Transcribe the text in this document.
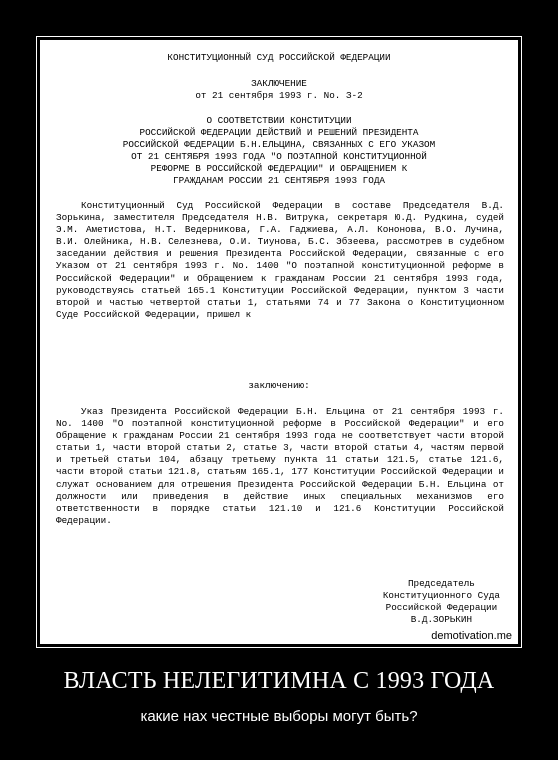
КОНСТИТУЦИОННЫЙ СУД РОССИЙСКОЙ ФЕДЕРАЦИИ
ЗАКЛЮЧЕНИЕ
от 21 сентября 1993 г. No. З-2
О СООТВЕТСТВИИ КОНСТИТУЦИИ
РОССИЙСКОЙ ФЕДЕРАЦИИ ДЕЙСТВИЙ И РЕШЕНИЙ ПРЕЗИДЕНТА
РОССИЙСКОЙ ФЕДЕРАЦИИ Б.Н.ЕЛЬЦИНА, СВЯЗАННЫХ С ЕГО УКАЗОМ
ОТ 21 СЕНТЯБРЯ 1993 ГОДА "О ПОЭТАПНОЙ КОНСТИТУЦИОННОЙ
РЕФОРМЕ В РОССИЙСКОЙ ФЕДЕРАЦИИ" И ОБРАЩЕНИЕМ К
ГРАЖДАНАМ РОССИИ 21 СЕНТЯБРЯ 1993 ГОДА
Конституционный Суд Российской Федерации в составе Председателя В.Д. Зорькина, заместителя Председателя Н.В. Витрука, секретаря Ю.Д. Рудкина, судей Э.М. Аметистова, Н.Т. Ведерникова, Г.А. Гаджиева, А.Л. Кононова, В.О. Лучина, В.И. Олейника, Н.В. Селезнева, О.И. Тиунова, Б.С. Эбзеева, рассмотрев в судебном заседании действия и решения Президента Российской Федерации, связанные с его Указом от 21 сентября 1993 г. No. 1400 "О поэтапной конституционной реформе в Российской Федерации" и Обращением к гражданам России 21 сентября 1993 года, руководствуясь статьей 165.1 Конституции Российской Федерации, пунктом 3 части второй и частью четвертой статьи 1, статьями 74 и 77 Закона о Конституционном Суде Российской Федерации, пришел к
заключению:
Указ Президента Российской Федерации Б.Н. Ельцина от 21 сентября 1993 г. No. 1400 "О поэтапной конституционной реформе в Российской Федерации" и его Обращение к гражданам России 21 сентября 1993 года не соответствует части второй статьи 1, части второй статьи 2, статье 3, части второй статьи 4, частям первой и третьей статьи 104, абзацу третьему пункта 11 статьи 121.5, статье 121.6, части второй статьи 121.8, статьям 165.1, 177 Конституции Российской Федерации и служат основанием для отрешения Президента Российской Федерации Б.Н. Ельцина от должности или приведения в действие иных специальных механизмов его ответственности в порядке статьи 121.10 и 121.6 Конституции Российской Федерации.
Председатель
Конституционного Суда
Российской Федерации
В.Д.ЗОРЬКИН
demotivation.me
ВЛАСТЬ НЕЛЕГИТИМНА С 1993 ГОДА
какие нах честные выборы могут быть?
